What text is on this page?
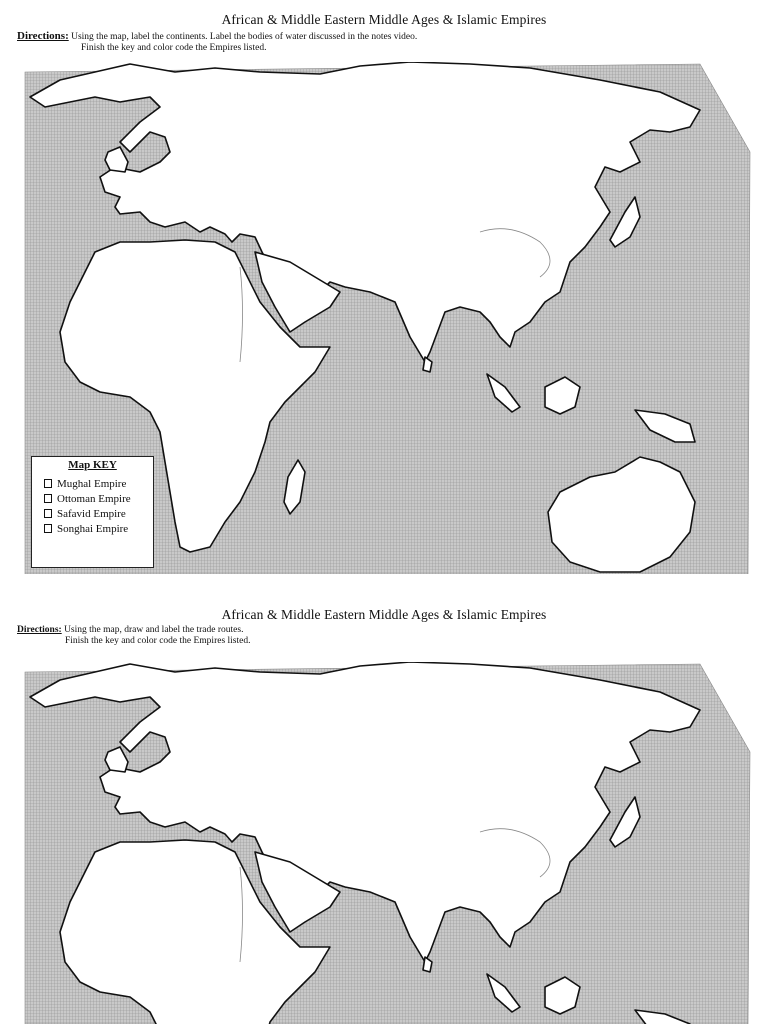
African & Middle Eastern Middle Ages & Islamic Empires
Directions: Using the map, label the continents. Label the bodies of water discussed in the notes video.
Finish the key and color code the Empires listed.
Map KEY
Mughal Empire
Ottoman Empire
Safavid Empire
Songhai Empire
African & Middle Eastern Middle Ages & Islamic Empires
Directions: Using the map, draw and label the trade routes.
Finish the key and color code the Empires listed.
